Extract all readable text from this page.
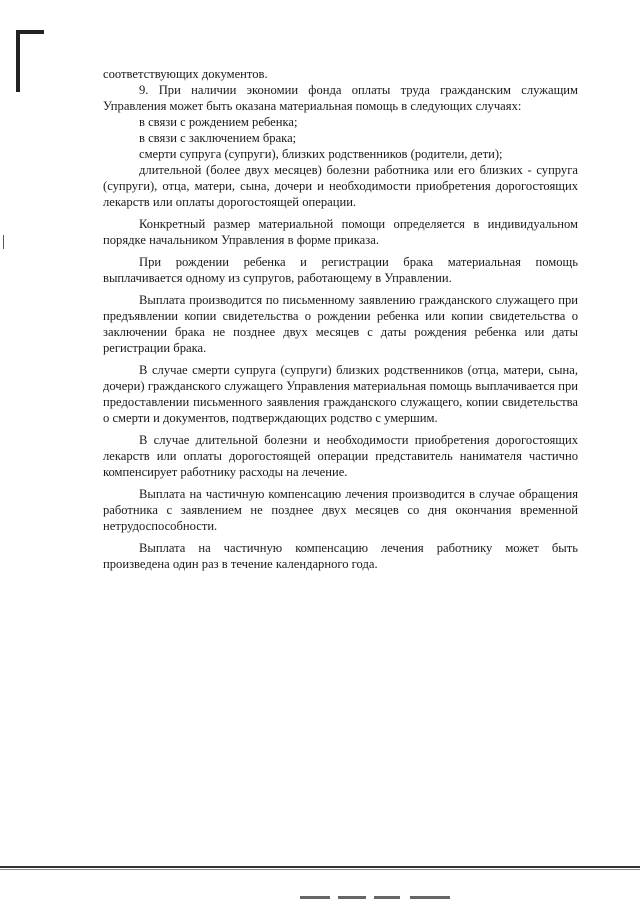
соответствующих документов.

9. При наличии экономии фонда оплаты труда гражданским служащим Управления может быть оказана материальная помощь в следующих случаях:

в связи с рождением ребенка;

в связи с заключением брака;

смерти супруга (супруги), близких родственников (родители, дети);

длительной (более двух месяцев) болезни работника или его близких - супруга (супруги), отца, матери, сына, дочери и необходимости приобретения дорогостоящих лекарств или оплаты дорогостоящей операции.

Конкретный размер материальной помощи определяется в индивидуальном порядке начальником Управления в форме приказа.

При рождении ребенка и регистрации брака материальная помощь выплачивается одному из супругов, работающему в Управлении.

Выплата производится по письменному заявлению гражданского служащего при предъявлении копии свидетельства о рождении ребенка или копии свидетельства о заключении брака не позднее двух месяцев с даты рождения ребенка или даты регистрации брака.

В случае смерти супруга (супруги) близких родственников (отца, матери, сына, дочери) гражданского служащего Управления материальная помощь выплачивается при предоставлении письменного заявления гражданского служащего, копии свидетельства о смерти и документов, подтверждающих родство с умершим.

В случае длительной болезни и необходимости приобретения дорогостоящих лекарств или оплаты дорогостоящей операции представитель нанимателя частично компенсирует работнику расходы на лечение.

Выплата на частичную компенсацию лечения производится в случае обращения работника с заявлением не позднее двух месяцев со дня окончания временной нетрудоспособности.

Выплата на частичную компенсацию лечения работнику может быть произведена один раз в течение календарного года.
